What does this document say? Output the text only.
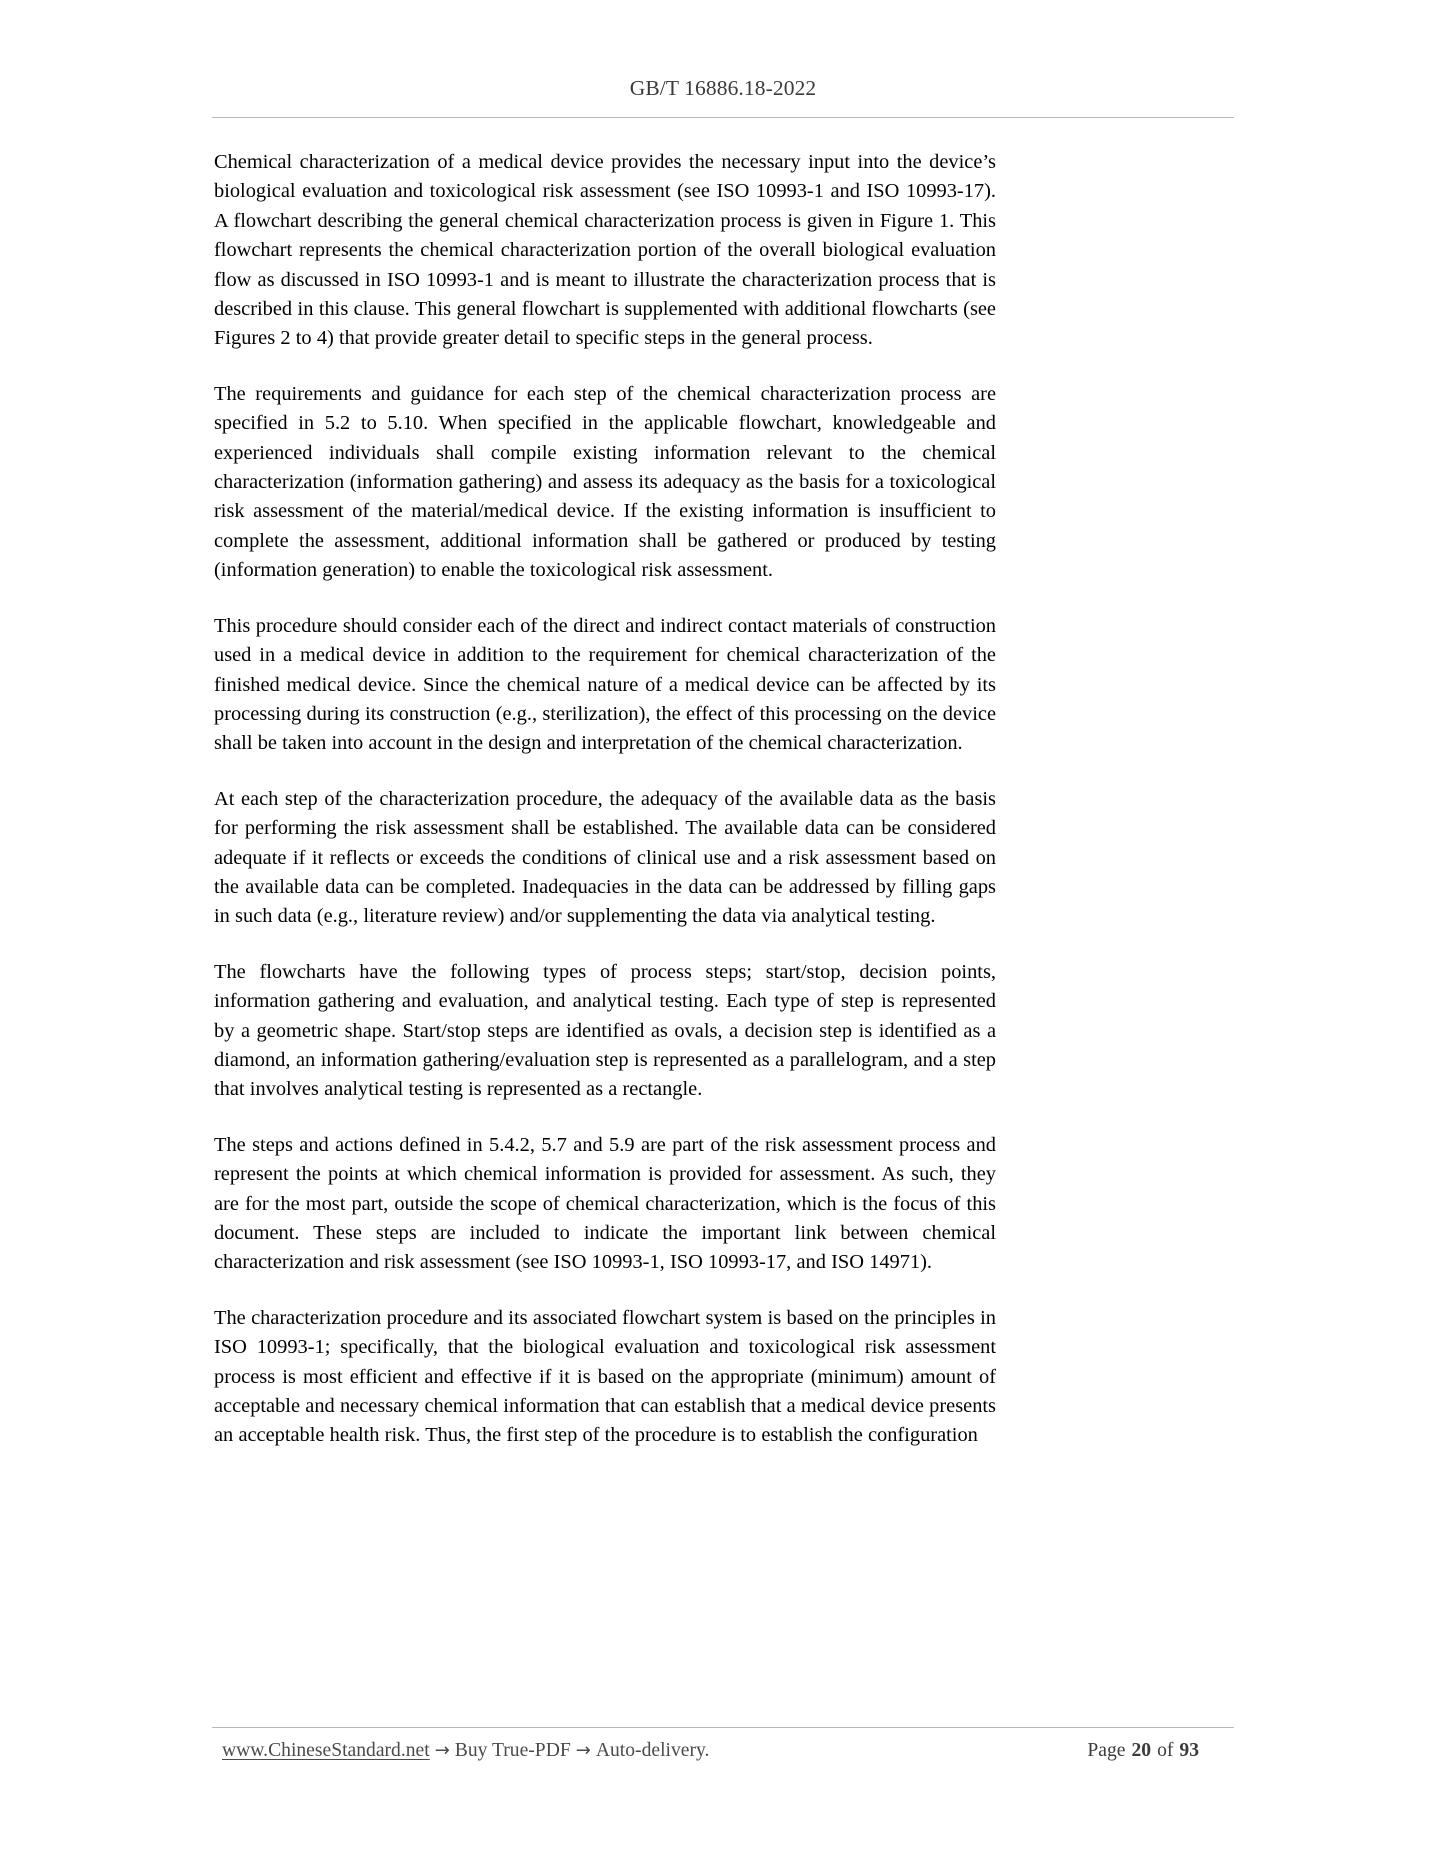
GB/T 16886.18-2022

Chemical characterization of a medical device provides the necessary input into the device’s biological evaluation and toxicological risk assessment (see ISO 10993-1 and ISO 10993-17). A flowchart describing the general chemical characterization process is given in Figure 1. This flowchart represents the chemical characterization portion of the overall biological evaluation flow as discussed in ISO 10993-1 and is meant to illustrate the characterization process that is described in this clause. This general flowchart is supplemented with additional flowcharts (see Figures 2 to 4) that provide greater detail to specific steps in the general process.

The requirements and guidance for each step of the chemical characterization process are specified in 5.2 to 5.10. When specified in the applicable flowchart, knowledgeable and experienced individuals shall compile existing information relevant to the chemical characterization (information gathering) and assess its adequacy as the basis for a toxicological risk assessment of the material/medical device. If the existing information is insufficient to complete the assessment, additional information shall be gathered or produced by testing (information generation) to enable the toxicological risk assessment.

This procedure should consider each of the direct and indirect contact materials of construction used in a medical device in addition to the requirement for chemical characterization of the finished medical device. Since the chemical nature of a medical device can be affected by its processing during its construction (e.g., sterilization), the effect of this processing on the device shall be taken into account in the design and interpretation of the chemical characterization.

At each step of the characterization procedure, the adequacy of the available data as the basis for performing the risk assessment shall be established. The available data can be considered adequate if it reflects or exceeds the conditions of clinical use and a risk assessment based on the available data can be completed. Inadequacies in the data can be addressed by filling gaps in such data (e.g., literature review) and/or supplementing the data via analytical testing.

The flowcharts have the following types of process steps; start/stop, decision points, information gathering and evaluation, and analytical testing. Each type of step is represented by a geometric shape. Start/stop steps are identified as ovals, a decision step is identified as a diamond, an information gathering/evaluation step is represented as a parallelogram, and a step that involves analytical testing is represented as a rectangle.

The steps and actions defined in 5.4.2, 5.7 and 5.9 are part of the risk assessment process and represent the points at which chemical information is provided for assessment. As such, they are for the most part, outside the scope of chemical characterization, which is the focus of this document. These steps are included to indicate the important link between chemical characterization and risk assessment (see ISO 10993-1, ISO 10993-17, and ISO 14971).

The characterization procedure and its associated flowchart system is based on the principles in ISO 10993-1; specifically, that the biological evaluation and toxicological risk assessment process is most efficient and effective if it is based on the appropriate (minimum) amount of acceptable and necessary chemical information that can establish that a medical device presents an acceptable health risk. Thus, the first step of the procedure is to establish the configuration

www.ChineseStandard.net → Buy True-PDF → Auto-delivery.	Page 20 of 93
